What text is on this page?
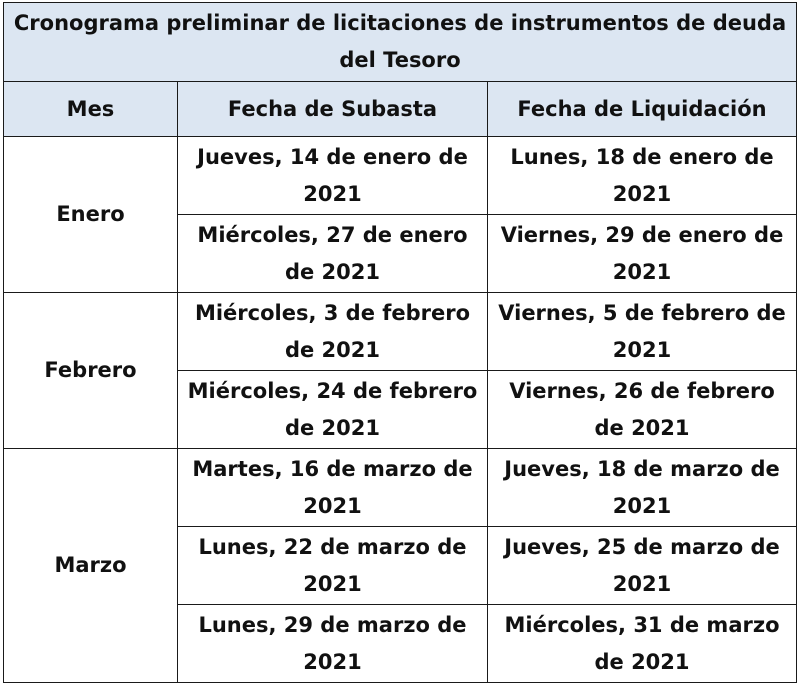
Cronograma preliminar de licitaciones de instrumentos de deuda del Tesoro		
Mes	Fecha de Subasta	Fecha de Liquidación
Enero	Jueves, 14 de enero de 2021	Lunes, 18 de enero de 2021
	Miércoles, 27 de enero de 2021	Viernes, 29 de enero de 2021
Febrero	Miércoles, 3 de febrero de 2021	Viernes, 5 de febrero de 2021
	Miércoles, 24 de febrero de 2021	Viernes, 26 de febrero de 2021
Marzo	Martes, 16 de marzo de 2021	Jueves, 18 de marzo de 2021
	Lunes, 22 de marzo de 2021	Jueves, 25 de marzo de 2021
	Lunes, 29 de marzo de 2021	Miércoles, 31 de marzo de 2021
